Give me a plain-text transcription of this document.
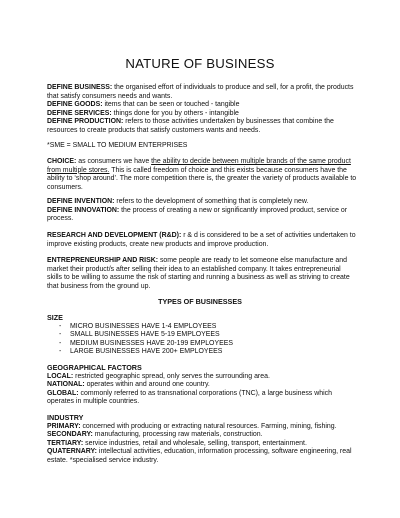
NATURE OF BUSINESS

DEFINE BUSINESS: the organised effort of individuals to produce and sell, for a profit, the products that satisfy consumers needs and wants.

DEFINE GOODS: items that can be seen or touched - tangible

DEFINE SERVICES: things done for you by others - intangible

DEFINE PRODUCTION: refers to those activities undertaken by businesses that combine the resources to create products that satisfy customers wants and needs.

*SME = SMALL TO MEDIUM ENTERPRISES

CHOICE: as consumers we have the ability to decide between multiple brands of the same product from multiple stores. This is called freedom of choice and this exists because consumers have the ability to ‘shop around’. The more competition there is, the greater the variety of products available to consumers.

DEFINE INVENTION: refers to the development of something that is completely new.

DEFINE INNOVATION: the process of creating a new or significantly improved product, service or process.

RESEARCH AND DEVELOPMENT (R&D): r & d is considered to be a set of activities undertaken to improve existing products, create new products and improve production.

ENTREPRENEURSHIP AND RISK: some people are ready to let someone else manufacture and market their product/s after selling their idea to an established company. It takes entrepreneurial skills to be willing to assume the risk of starting and running a business as well as striving to create that business from the ground up.

TYPES OF BUSINESSES

SIZE

- MICRO BUSINESSES HAVE 1-4 EMPLOYEES
- SMALL BUSINESSES HAVE 5-19 EMPLOYEES
- MEDIUM BUSINESSES HAVE 20-199 EMPLOYEES
- LARGE BUSINESSES HAVE 200+ EMPLOYEES

GEOGRAPHICAL FACTORS

LOCAL: restricted geographic spread, only serves the surrounding area.

NATIONAL: operates within and around one country.

GLOBAL: commonly referred to as transnational corporations (TNC), a large business which operates in multiple countries.

INDUSTRY

PRIMARY: concerned with producing or extracting natural resources. Farming, mining, fishing.

SECONDARY: manufacturing, processing raw materials, construction.

TERTIARY: service industries, retail and wholesale, selling, transport, entertainment.

QUATERNARY: intellectual activities, education, information processing, software engineering, real estate. *specialised service industry.
